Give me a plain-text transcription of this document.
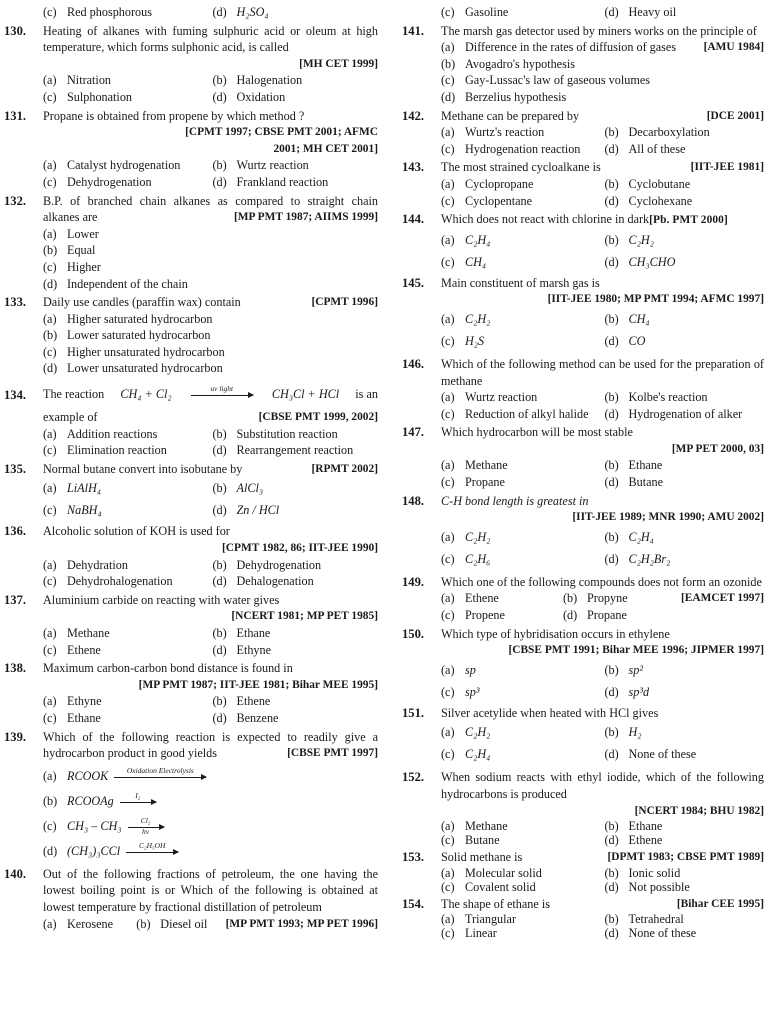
(c) Red phosphorous	(d) H₂SO₄
130.	Heating of alkanes with fuming sulphuric acid or oleum at high temperature, which forms sulphonic acid, is called
[MH CET 1999]
(a) Nitration	(b) Halogenation
(c) Sulphonation	(d) Oxidation
131.	Propane is obtained from propene by which method ?
[CPMT 1997; CBSE PMT 2001; AFMC 2001; MH CET 2001]
(a) Catalyst hydrogenation	(b) Wurtz reaction
(c) Dehydrogenation	(d) Frankland reaction
132.	B.P. of branched chain alkanes as compared to straight chain alkanes are	[MP PMT 1987; AIIMS 1999]
(a) Lower
(b) Equal
(c) Higher
(d) Independent of the chain
133.	Daily use candles (paraffin wax) contain	[CPMT 1996]
(a) Higher saturated hydrocarbon
(b) Lower saturated hydrocarbon
(c) Higher unsaturated hydrocarbon
(d) Lower unsaturated hydrocarbon
134.	The reaction CH₄ + Cl₂	uv light
	CH₃Cl + HCl is an
example of	[CBSE PMT 1999, 2002]
(a) Addition reactions	(b) Substitution reaction
(c) Elimination reaction	(d) Rearrangement reaction
135.	Normal butane convert into isobutane by	[RPMT 2002]
(a) LiAlH₄	(b) AlCl₃
(c) NaBH₄	(d) Zn / HCl
136.	Alcoholic solution of KOH is used for
[CPMT 1982, 86; IIT-JEE 1990]
(a) Dehydration	(b) Dehydrogenation
(c) Dehydrohalogenation	(d) Dehalogenation
137.	Aluminium carbide on reacting with water gives
[NCERT 1981; MP PET 1985]
(a) Methane	(b) Ethane
(c) Ethene	(d) Ethyne
138.	Maximum carbon-carbon bond distance is found in
[MP PMT 1987; IIT-JEE 1981; Bihar MEE 1995]
(a) Ethyne	(b) Ethene
(c) Ethane	(d) Benzene
139.	Which of the following reaction is expected to readily give a hydrocarbon product in good yields	[CBSE PMT 1997]
(a) RCOOK	Oxidation Electrolysis

(b) RCOOAg	I₂

(c) $CH_3 - CH_3 \frac{\text{Cl₂}}{hv}$
(d) (CH₃)₃CCl	C₂H₅OH

140.	Out of the following fractions of petroleum, the one having the lowest boiling point is or Which of the following is obtained at lowest temperature by fractional distillation of petroleum
[MP PMT 1993; MP PET 1996]
(a) Kerosene	(b) Diesel oil
(c) Gasoline	(d) Heavy oil
141.	The marsh gas detector used by miners works on the principle of
[AMU 1984]
(a) Difference in the rates of diffusion of gases
(b) Avogadro's hypothesis
(c) Gay-Lussac's law of gaseous volumes
(d) Berzelius hypothesis
142.	Methane can be prepared by	[DCE 2001]
(a) Wurtz's reaction	(b) Decarboxylation
(c) Hydrogenation reaction	(d) All of these
143.	The most strained cycloalkane is	[IIT-JEE 1981]
(a) Cyclopropane	(b) Cyclobutane
(c) Cyclopentane	(d) Cyclohexane
144.	Which does not react with chlorine in dark[Pb. PMT 2000]
(a) C₂H₄	(b) C₂H₂
(c) CH₄	(d) CH₃CHO
145.	Main constituent of marsh gas is
[IIT-JEE 1980; MP PMT 1994; AFMC 1997]
(a) C₂H₂	(b) CH₄
(c) H₂S	(d) CO
146.	Which of the following method can be used for the preparation of methane
(a) Wurtz reaction	(b) Kolbe's reaction
(c) Reduction of alkyl halide	(d) Hydrogenation of alker
147.	Which hydrocarbon will be most stable
[MP PET 2000, 03]
(a) Methane	(b) Ethane
(c) Propane	(d) Butane
148.	C-H bond length is greatest in
[IIT-JEE 1989; MNR 1990; AMU 2002]
(a) C₂H₂	(b) C₂H₄
(c) C₂H₆	(d) C₂H₂Br₂
149.	Which one of the following compounds does not form an ozonide
[EAMCET 1997]
(a) Ethene	(b) Propyne
(c) Propene	(d) Propane
150.	Which type of hybridisation occurs in ethylene
[CBSE PMT 1991; Bihar MEE 1996; JIPMER 1997]
(a) sp	(b) sp²
(c) sp³	(d) sp³d
151.	Silver acetylide when heated with HCl gives
(a) C₂H₂	(b) H₂
(c) C₂H₄	(d) None of these
152.	When sodium reacts with ethyl iodide, which of the following hydrocarbons is produced
[NCERT 1984; BHU 1982]
(a) Methane	(b) Ethane
(c) Butane	(d) Ethene
153.	Solid methane is	[DPMT 1983; CBSE PMT 1989]
(a) Molecular solid	(b) Ionic solid
(c) Covalent solid	(d) Not possible
154.	The shape of ethane is	[Bihar CEE 1995]
(a) Triangular	(b) Tetrahedral
(c) Linear	(d) None of these
